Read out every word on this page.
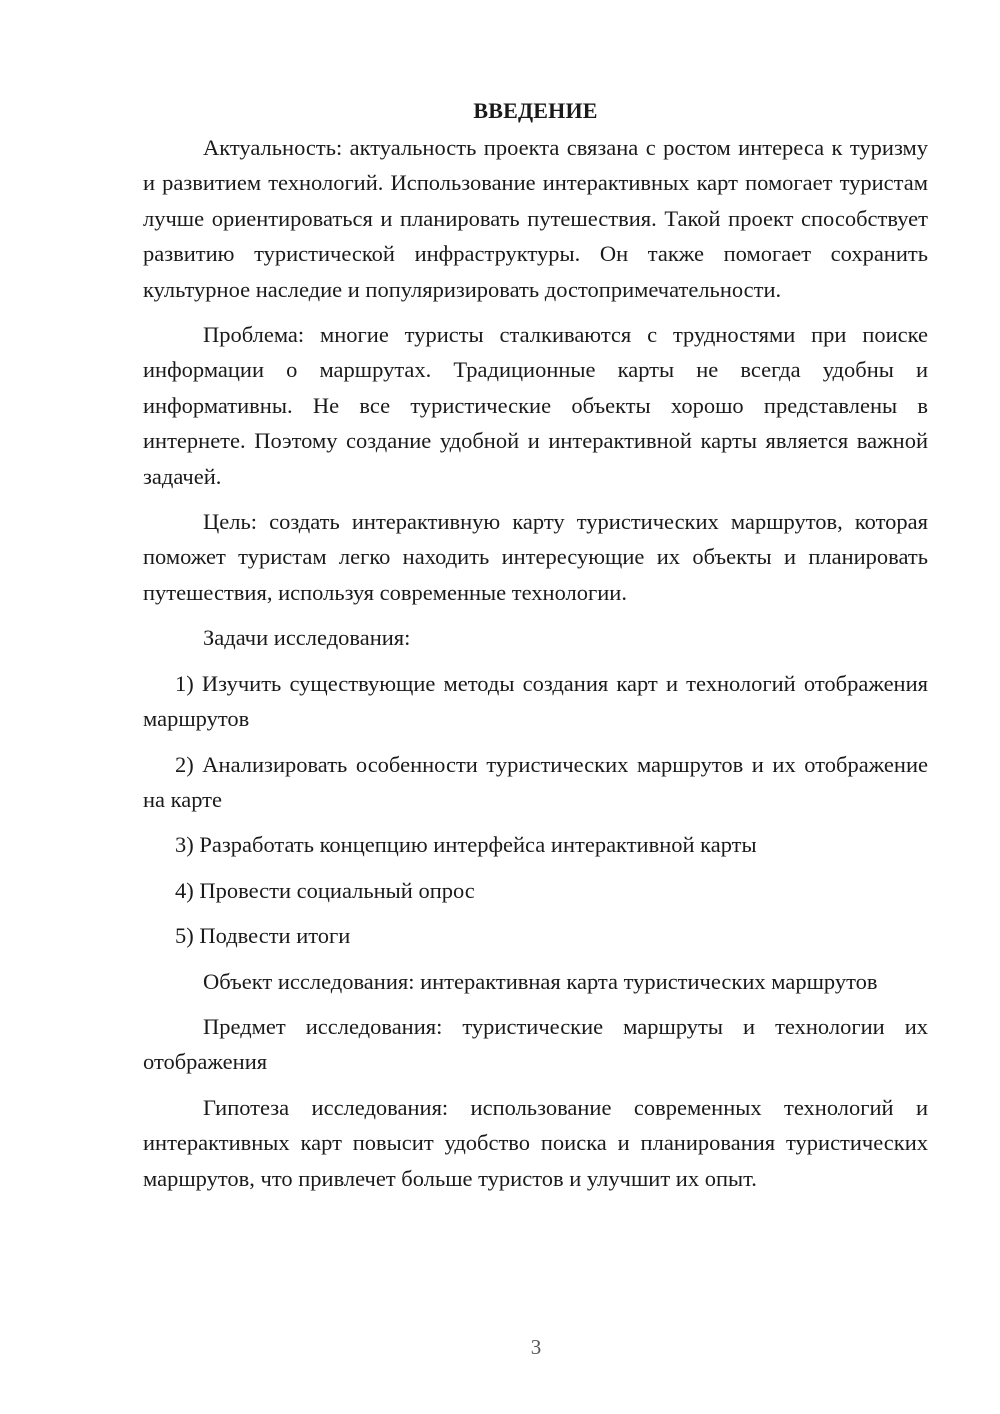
ВВЕДЕНИЕ

Актуальность: актуальность проекта связана с ростом интереса к туризму и развитием технологий. Использование интерактивных карт помогает туристам лучше ориентироваться и планировать путешествия. Такой проект способствует развитию туристической инфраструктуры. Он также помогает сохранить культурное наследие и популяризировать достопримечательности.

Проблема: многие туристы сталкиваются с трудностями при поиске информации о маршрутах. Традиционные карты не всегда удобны и информативны. Не все туристические объекты хорошо представлены в интернете. Поэтому создание удобной и интерактивной карты является важной задачей.

Цель: создать интерактивную карту туристических маршрутов, которая поможет туристам легко находить интересующие их объекты и планировать путешествия, используя современные технологии.

Задачи исследования:

1) Изучить существующие методы создания карт и технологий отображения маршрутов

2) Анализировать особенности туристических маршрутов и их отображение на карте

3) Разработать концепцию интерфейса интерактивной карты

4) Провести социальный опрос

5) Подвести итоги

Объект исследования: интерактивная карта туристических маршрутов

Предмет исследования: туристические маршруты и технологии их отображения

Гипотеза исследования: использование современных технологий и интерактивных карт повысит удобство поиска и планирования туристических маршрутов, что привлечет больше туристов и улучшит их опыт.

3
